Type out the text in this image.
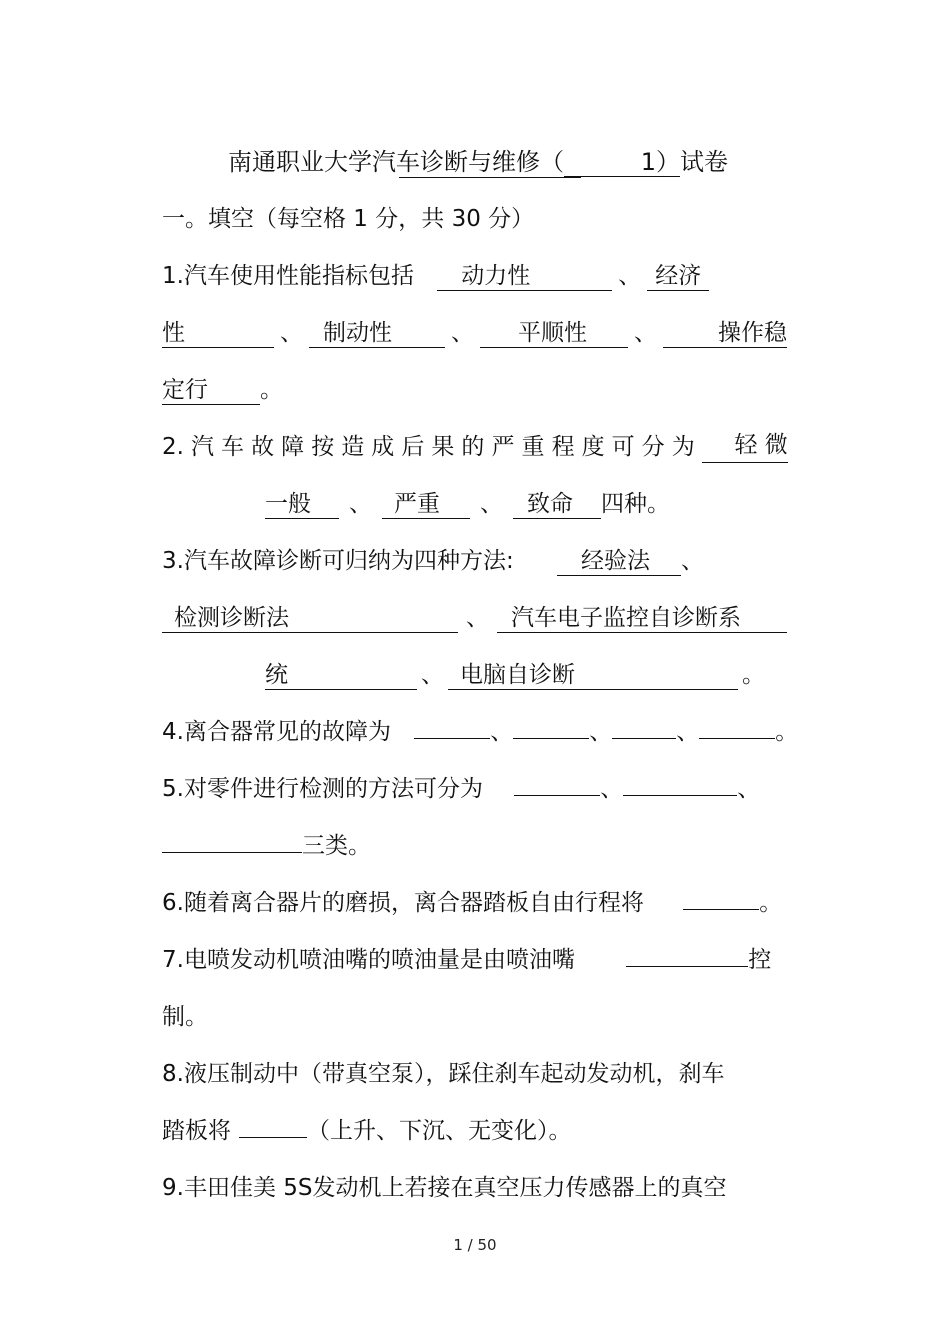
南通职业大学汽车诊断与维修（	1）试卷
一。填空（每空格 1 分，共 30 分）
1.汽车使用性能指标包括 动力性	、 经济
性	、 制动性	、 平顺性 、	操作稳
定行 。
2. 汽 车 故 障 按 造 成 后 果 的 严 重 程 度 可 分 为	轻 微
一般 、 严重 、 致命 四种。
3.汽车故障诊断可归纳为四种方法:	经验法 、
检测诊断法	、 汽车电子监控自诊断系
统	、 电脑自诊断	。
4.离合器常见的故障为	、	、	、	。
5.对零件进行检测的方法可分为	、	、
三类。
6.随着离合器片的磨损，离合器踏板自由行程将	。
7.电喷发动机喷油嘴的喷油量是由喷油嘴	控
制。
8.液压制动中（带真空泵），踩住刹车起动发动机，刹车
踏板将	（上升、下沉、无变化）。
9.丰田佳美 5S发动机上若接在真空压力传感器上的真空
1 / 50
